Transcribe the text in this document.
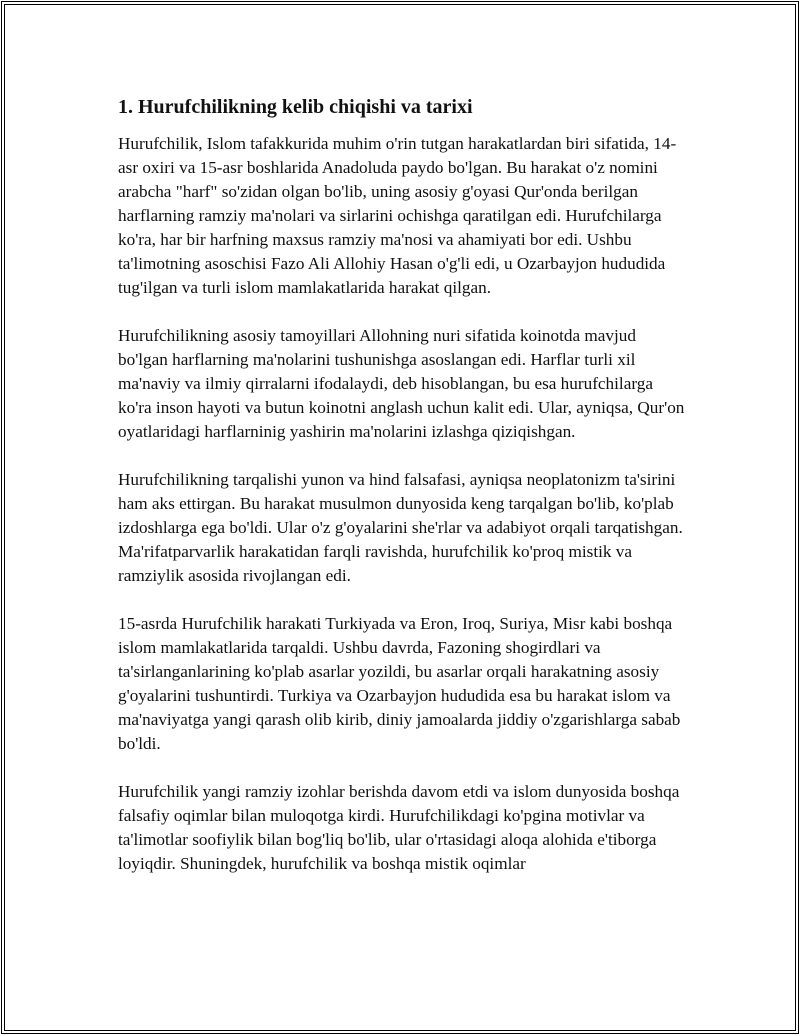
1. Hurufchilikning kelib chiqishi va tarixi

Hurufchilik, Islom tafakkurida muhim o'rin tutgan harakatlardan biri sifatida, 14-asr oxiri va 15-asr boshlarida Anadoluda paydo bo'lgan. Bu harakat o'z nomini arabcha "harf" so'zidan olgan bo'lib, uning asosiy g'oyasi Qur'onda berilgan harflarning ramziy ma'nolari va sirlarini ochishga qaratilgan edi. Hurufchilarga ko'ra, har bir harfning maxsus ramziy ma'nosi va ahamiyati bor edi. Ushbu ta'limotning asoschisi Fazo Ali Allohiy Hasan o'g'li edi, u Ozarbayjon hududida tug'ilgan va turli islom mamlakatlarida harakat qilgan.

Hurufchilikning asosiy tamoyillari Allohning nuri sifatida koinotda mavjud bo'lgan harflarning ma'nolarini tushunishga asoslangan edi. Harflar turli xil ma'naviy va ilmiy qirralarni ifodalaydi, deb hisoblangan, bu esa hurufchilarga ko'ra inson hayoti va butun koinotni anglash uchun kalit edi. Ular, ayniqsa, Qur'on oyatlaridagi harflarninig yashirin ma'nolarini izlashga qiziqishgan.

Hurufchilikning tarqalishi yunon va hind falsafasi, ayniqsa neoplatonizm ta'sirini ham aks ettirgan. Bu harakat musulmon dunyosida keng tarqalgan bo'lib, ko'plab izdoshlarga ega bo'ldi. Ular o'z g'oyalarini she'rlar va adabiyot orqali tarqatishgan. Ma'rifatparvarlik harakatidan farqli ravishda, hurufchilik ko'proq mistik va ramziylik asosida rivojlangan edi.

15-asrda Hurufchilik harakati Turkiyada va Eron, Iroq, Suriya, Misr kabi boshqa islom mamlakatlarida tarqaldi. Ushbu davrda, Fazoning shogirdlari va ta'sirlanganlarining ko'plab asarlar yozildi, bu asarlar orqali harakatning asosiy g'oyalarini tushuntirdi. Turkiya va Ozarbayjon hududida esa bu harakat islom va ma'naviyatga yangi qarash olib kirib, diniy jamoalarda jiddiy o'zgarishlarga sabab bo'ldi.

Hurufchilik yangi ramziy izohlar berishda davom etdi va islom dunyosida boshqa falsafiy oqimlar bilan muloqotga kirdi. Hurufchilikdagi ko'pgina motivlar va ta'limotlar soofiylik bilan bog'liq bo'lib, ular o'rtasidagi aloqa alohida e'tiborga loyiqdir. Shuningdek, hurufchilik va boshqa mistik oqimlar
